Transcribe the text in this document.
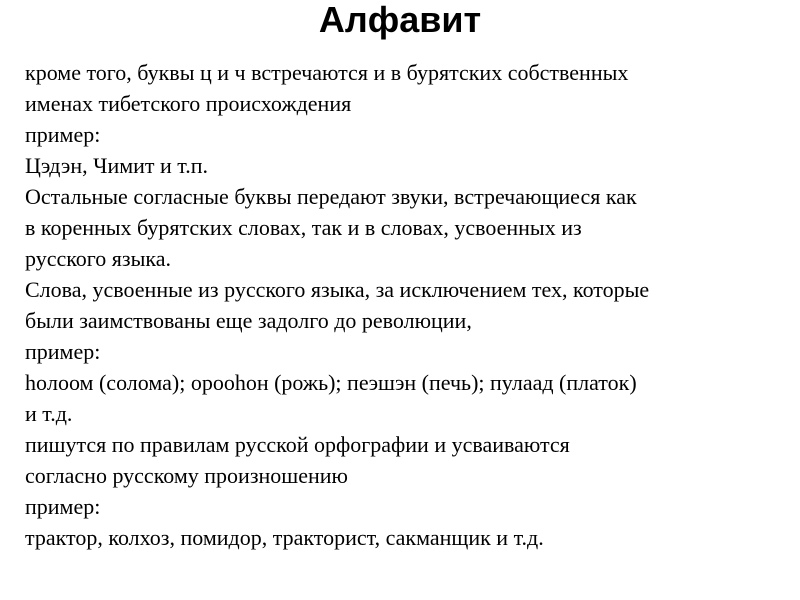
Алфавит
кроме того, буквы ц и ч встречаются и в бурятских собственных
именах тибетского происхождения
пример:
Цэдэн, Чимит и т.п.
Остальные согласные буквы передают звуки, встречающиеся как
в коренных бурятских словах, так и в словах, усвоенных из
русского языка.
Слова, усвоенные из русского языка, за исключением тех, которые
были заимствованы еще задолго до революции,
пример:
hoлоом (солома); ороohoн (рожь); пеэшэн (печь); пулаад (платок)
и т.д.
пишутся по правилам русской орфографии и усваиваются
согласно русскому произношению
пример:
трактор, колхоз, помидор, тракторист, сакманщик и т.д.
